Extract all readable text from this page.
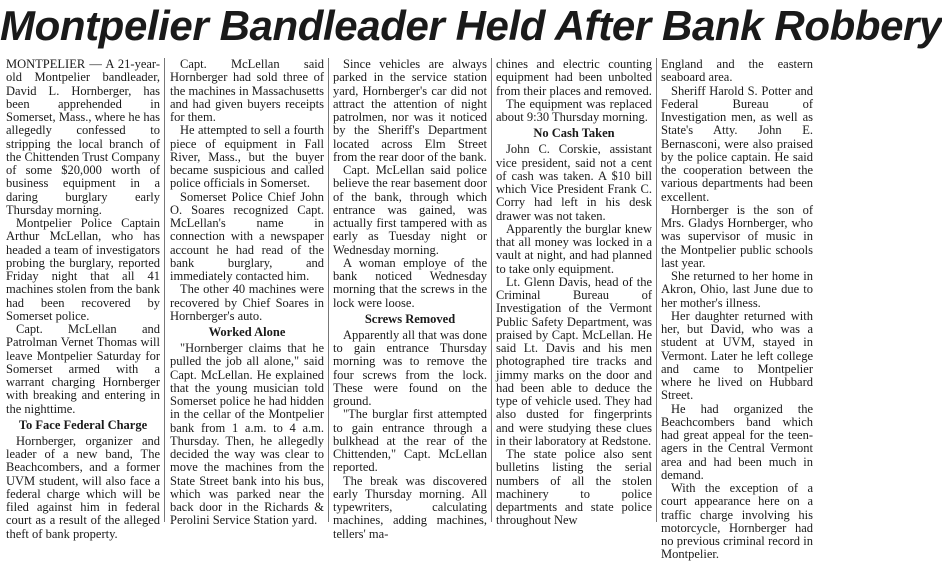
Montpelier Bandleader Held After Bank Robbery

MONTPELIER — A 21-year-old Montpelier bandleader, David L. Hornberger, has been apprehended in Somerset, Mass., where he has allegedly confessed to stripping the local branch of the Chittenden Trust Company of some $20,000 worth of business equipment in a daring burglary early Thursday morning.

Montpelier Police Captain Arthur McLellan, who has headed a team of investigators probing the burglary, reported Friday night that all 41 machines stolen from the bank had been recovered by Somerset police.

Capt. McLellan and Patrolman Vernet Thomas will leave Montpelier Saturday for Somerset armed with a warrant charging Hornberger with breaking and entering in the nighttime.

To Face Federal Charge

Hornberger, organizer and leader of a new band, The Beachcombers, and a former UVM student, will also face a federal charge which will be filed against him in federal court as a result of the alleged theft of bank property.

Capt. McLellan said Hornberger had sold three of the machines in Massachusetts and had given buyers receipts for them.

He attempted to sell a fourth piece of equipment in Fall River, Mass., but the buyer became suspicious and called police officials in Somerset.

Somerset Police Chief John O. Soares recognized Capt. McLellan's name in connection with a newspaper account he had read of the bank burglary, and immediately contacted him.

The other 40 machines were recovered by Chief Soares in Hornberger's auto.

Worked Alone

"Hornberger claims that he pulled the job all alone," said Capt. McLellan. He explained that the young musician told Somerset police he had hidden in the cellar of the Montpelier bank from 1 a.m. to 4 a.m. Thursday. Then, he allegedly decided the way was clear to move the machines from the State Street bank into his bus, which was parked near the back door in the Richards & Perolini Service Station yard.

Since vehicles are always parked in the service station yard, Hornberger's car did not attract the attention of night patrolmen, nor was it noticed by the Sheriff's Department located across Elm Street from the rear door of the bank.

Capt. McLellan said police believe the rear basement door of the bank, through which entrance was gained, was actually first tampered with as early as Tuesday night or Wednesday morning.

A woman employe of the bank noticed Wednesday morning that the screws in the lock were loose.

Screws Removed

Apparently all that was done to gain entrance Thursday morning was to remove the four screws from the lock. These were found on the ground.

"The burglar first attempted to gain entrance through a bulkhead at the rear of the Chittenden," Capt. McLellan reported.

The break was discovered early Thursday morning. All typewriters, calculating machines, adding machines, tellers' ma-

chines and electric counting equipment had been unbolted from their places and removed.

The equipment was replaced about 9:30 Thursday morning.

No Cash Taken

John C. Corskie, assistant vice president, said not a cent of cash was taken. A $10 bill which Vice President Frank C. Corry had left in his desk drawer was not taken.

Apparently the burglar knew that all money was locked in a vault at night, and had planned to take only equipment.

Lt. Glenn Davis, head of the Criminal Bureau of Investigation of the Vermont Public Safety Department, was praised by Capt. McLellan. He said Lt. Davis and his men photographed tire tracks and jimmy marks on the door and had been able to deduce the type of vehicle used. They had also dusted for fingerprints and were studying these clues in their laboratory at Redstone.

The state police also sent bulletins listing the serial numbers of all the stolen machinery to police departments and state police throughout New

England and the eastern seaboard area.

Sheriff Harold S. Potter and Federal Bureau of Investigation men, as well as State's Atty. John E. Bernasconi, were also praised by the police captain. He said the cooperation between the various departments had been excellent.

Hornberger is the son of Mrs. Gladys Hornberger, who was supervisor of music in the Montpelier public schools last year.

She returned to her home in Akron, Ohio, last June due to her mother's illness.

Her daughter returned with her, but David, who was a student at UVM, stayed in Vermont. Later he left college and came to Montpelier where he lived on Hubbard Street.

He had organized the Beachcombers band which had great appeal for the teen-agers in the Central Vermont area and had been much in demand.

With the exception of a court appearance here on a traffic charge involving his motorcycle, Hornberger had no previous criminal record in Montpelier.
